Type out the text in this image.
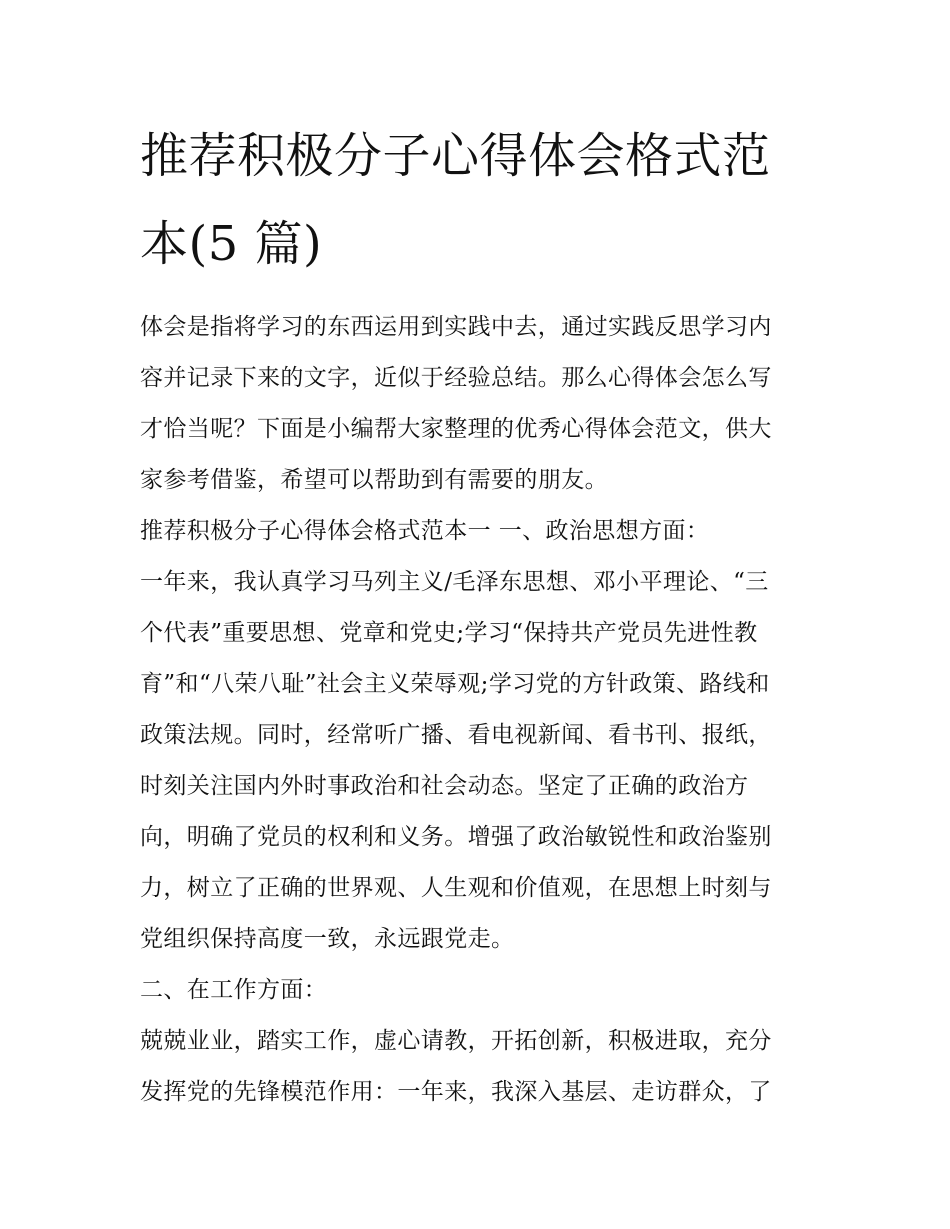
推荐积极分子心得体会格式范
本(5 篇)
体会是指将学习的东西运用到实践中去，通过实践反思学习内
容并记录下来的文字，近似于经验总结。那么心得体会怎么写
才恰当呢？下面是小编帮大家整理的优秀心得体会范文，供大
家参考借鉴，希望可以帮助到有需要的朋友。
推荐积极分子心得体会格式范本一 一、政治思想方面：
一年来，我认真学习马列主义/毛泽东思想、邓小平理论、“三
个代表”重要思想、党章和党史;学习“保持共产党员先进性教
育”和“八荣八耻”社会主义荣辱观;学习党的方针政策、路线和
政策法规。同时，经常听广播、看电视新闻、看书刊、报纸，
时刻关注国内外时事政治和社会动态。坚定了正确的政治方
向，明确了党员的权利和义务。增强了政治敏锐性和政治鉴别
力，树立了正确的世界观、人生观和价值观，在思想上时刻与
党组织保持高度一致，永远跟党走。
二、在工作方面：
兢兢业业，踏实工作，虚心请教，开拓创新，积极进取，充分
发挥党的先锋模范作用：一年来，我深入基层、走访群众，了
